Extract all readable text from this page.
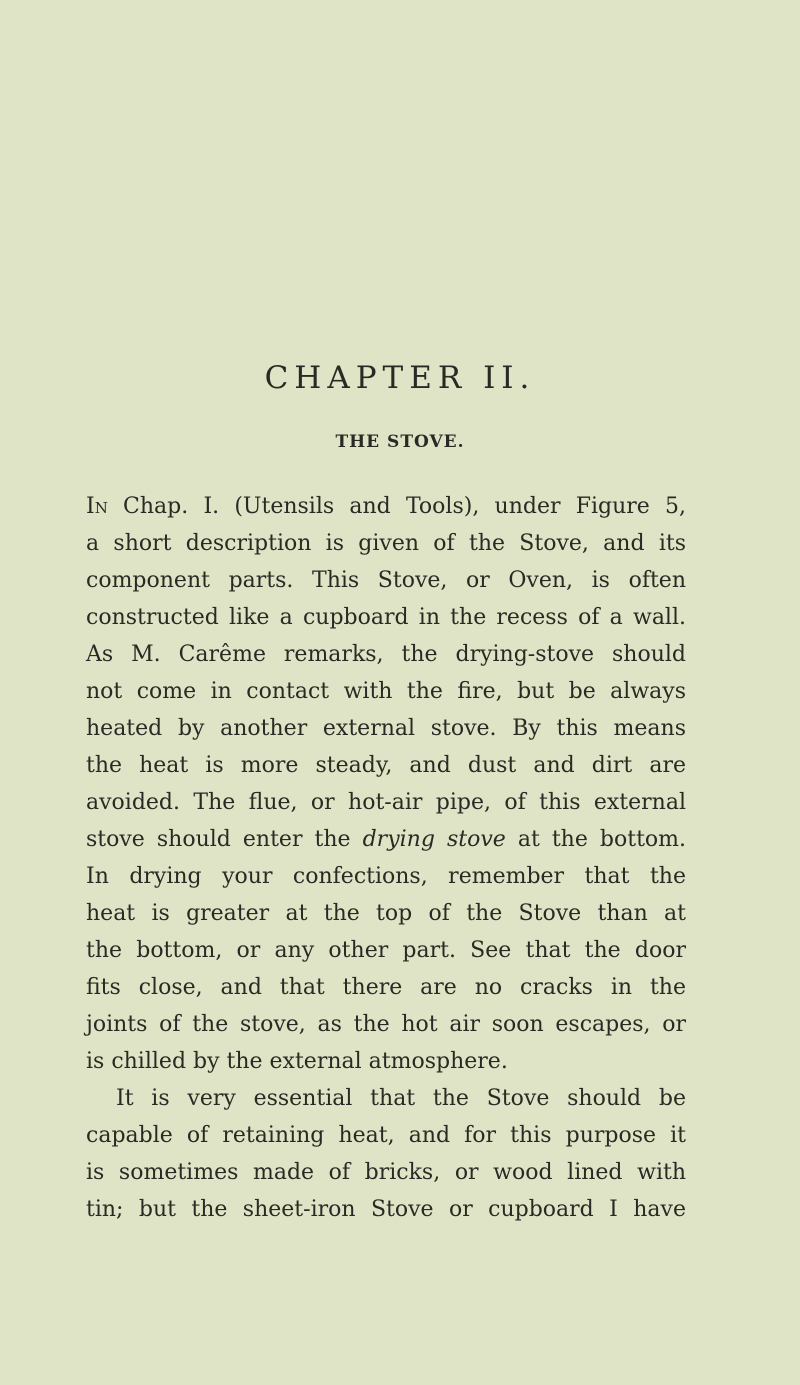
CHAPTER II.
THE STOVE.
In Chap. I. (Utensils and Tools), under Figure 5,
a short description is given of the Stove, and its
component parts. This Stove, or Oven, is often
constructed like a cupboard in the recess of a wall.
As M. Carême remarks, the drying-stove should
not come in contact with the fire, but be always
heated by another external stove. By this means
the heat is more steady, and dust and dirt are
avoided. The flue, or hot-air pipe, of this external
stove should enter the drying stove at the bottom.
In drying your confections, remember that the
heat is greater at the top of the Stove than at
the bottom, or any other part. See that the door
fits close, and that there are no cracks in the
joints of the stove, as the hot air soon escapes, or
is chilled by the external atmosphere.
It is very essential that the Stove should be
capable of retaining heat, and for this purpose it
is sometimes made of bricks, or wood lined with
tin; but the sheet-iron Stove or cupboard I have
